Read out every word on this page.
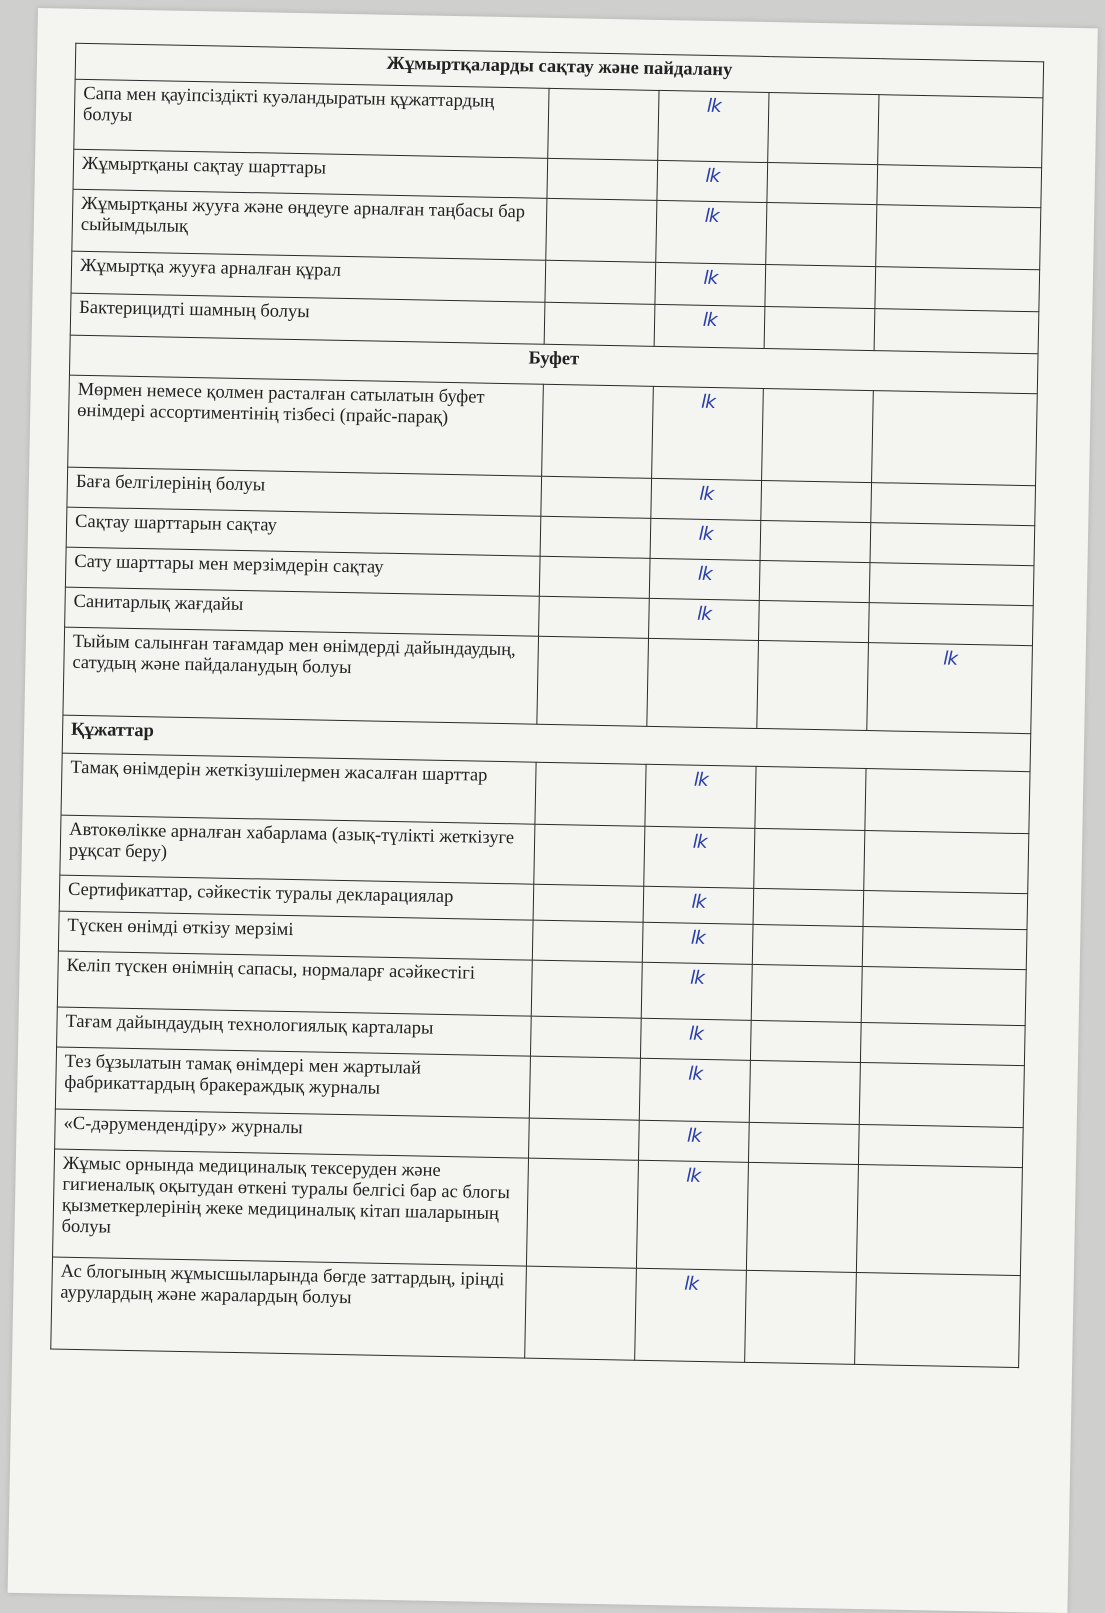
Жұмыртқаларды сақтау және пайдалану				
Сапа мен қауіпсіздікті куәландыратын құжаттардың болуы		lk		
Жұмыртқаны сақтау шарттары		lk		
Жұмыртқаны жууға және өңдеуге арналған таңбасы бар сыйымдылық		lk		
Жұмыртқа жууға арналған құрал		lk		
Бактерицидті шамның болуы		lk		
Буфет				
Мөрмен немесе қолмен расталған сатылатын буфет өнімдері ассортиментінің тізбесі (прайс-парақ)		lk		
Баға белгілерінің болуы		lk		
Сақтау шарттарын сақтау		lk		
Сату шарттары мен мерзімдерін сақтау		lk		
Санитарлық жағдайы		lk		
Тыйым салынған тағамдар мен өнімдерді дайындаудың, сатудың және пайдаланудың болуы				lk
Құжаттар				
Тамақ өнімдерін жеткізушілермен жасалған шарттар		lk		
Автокөлікке арналған хабарлама (азық-түлікті жеткізуге рұқсат беру)		lk		
Сертификаттар, сәйкестік туралы декларациялар		lk		
Түскен өнімді өткізу мерзімі		lk		
Келіп түскен өнімнің сапасы, нормаларғ асәйкестігі		lk		
Тағам дайындаудың технологиялық карталары		lk		
Тез бұзылатын тамақ өнімдері мен жартылай фабрикаттардың бракераждық журналы		lk		
«С-дәрумендендіру» журналы		lk		
Жұмыс орнында медициналық тексеруден және гигиеналық оқытудан өткені туралы белгісі бар ас блогы қызметкерлерінің жеке медициналық кітап шаларының болуы		lk		
Ас блогының жұмысшыларында бөгде заттардың, іріңді аурулардың және жаралардың болуы		lk		
